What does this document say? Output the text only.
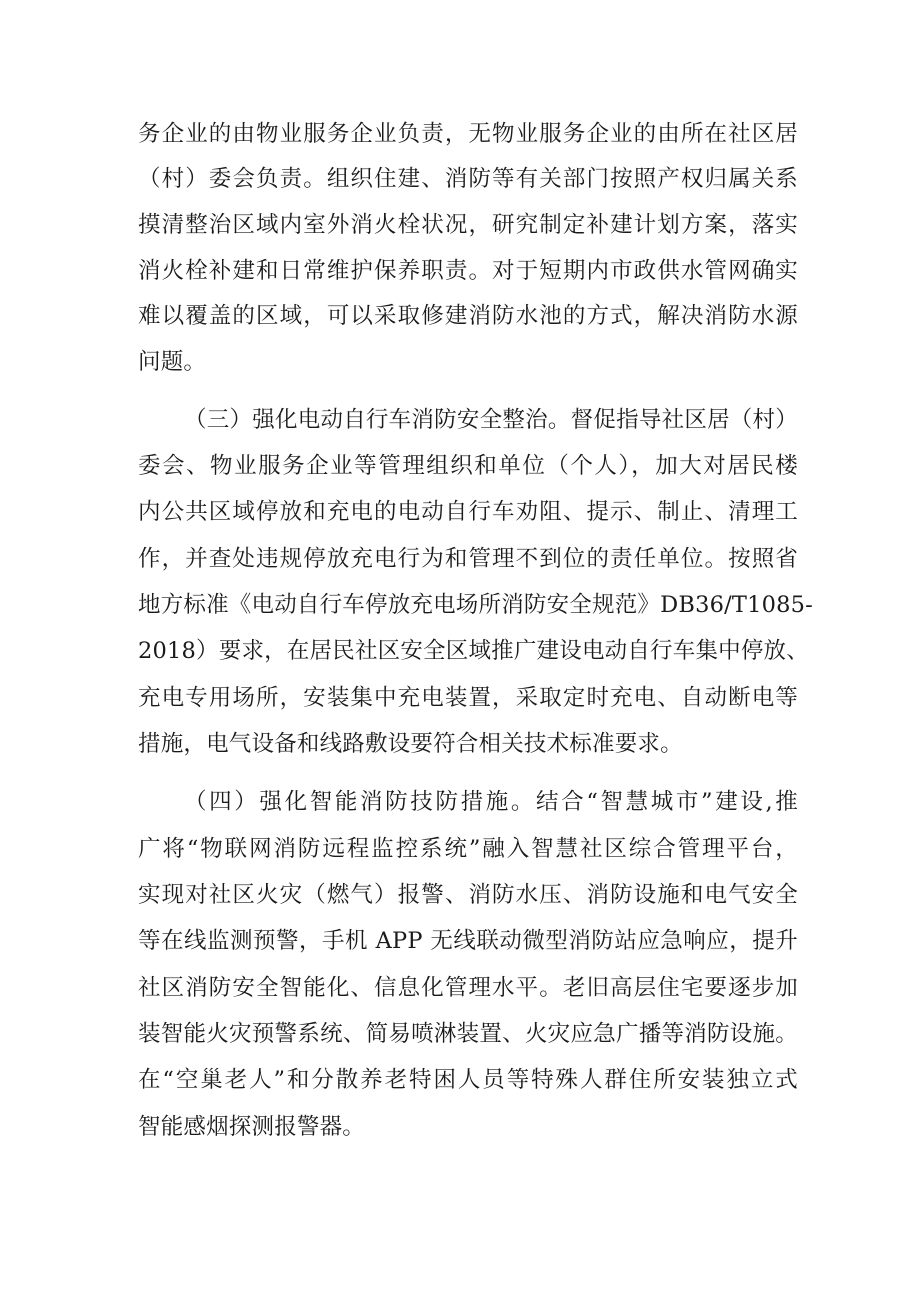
务企业的由物业服务企业负责，无物业服务企业的由所在社区居
（村）委会负责。组织住建、消防等有关部门按照产权归属关系
摸清整治区域内室外消火栓状况，研究制定补建计划方案，落实
消火栓补建和日常维护保养职责。对于短期内市政供水管网确实
难以覆盖的区域，可以采取修建消防水池的方式，解决消防水源
问题。
（三）强化电动自行车消防安全整治。督促指导社区居（村）
委会、物业服务企业等管理组织和单位（个人），加大对居民楼
内公共区域停放和充电的电动自行车劝阻、提示、制止、清理工
作，并查处违规停放充电行为和管理不到位的责任单位。按照省
地方标准《电动自行车停放充电场所消防安全规范》DB36/T1085-
2018）要求，在居民社区安全区域推广建设电动自行车集中停放、
充电专用场所，安装集中充电装置，采取定时充电、自动断电等
措施，电气设备和线路敷设要符合相关技术标准要求。
（四）强化智能消防技防措施。结合“智慧城市”建设,推
广将“物联网消防远程监控系统”融入智慧社区综合管理平台，
实现对社区火灾（燃气）报警、消防水压、消防设施和电气安全
等在线监测预警，手机 APP 无线联动微型消防站应急响应，提升
社区消防安全智能化、信息化管理水平。老旧高层住宅要逐步加
装智能火灾预警系统、简易喷淋装置、火灾应急广播等消防设施。
在“空巢老人”和分散养老特困人员等特殊人群住所安装独立式
智能感烟探测报警器。
